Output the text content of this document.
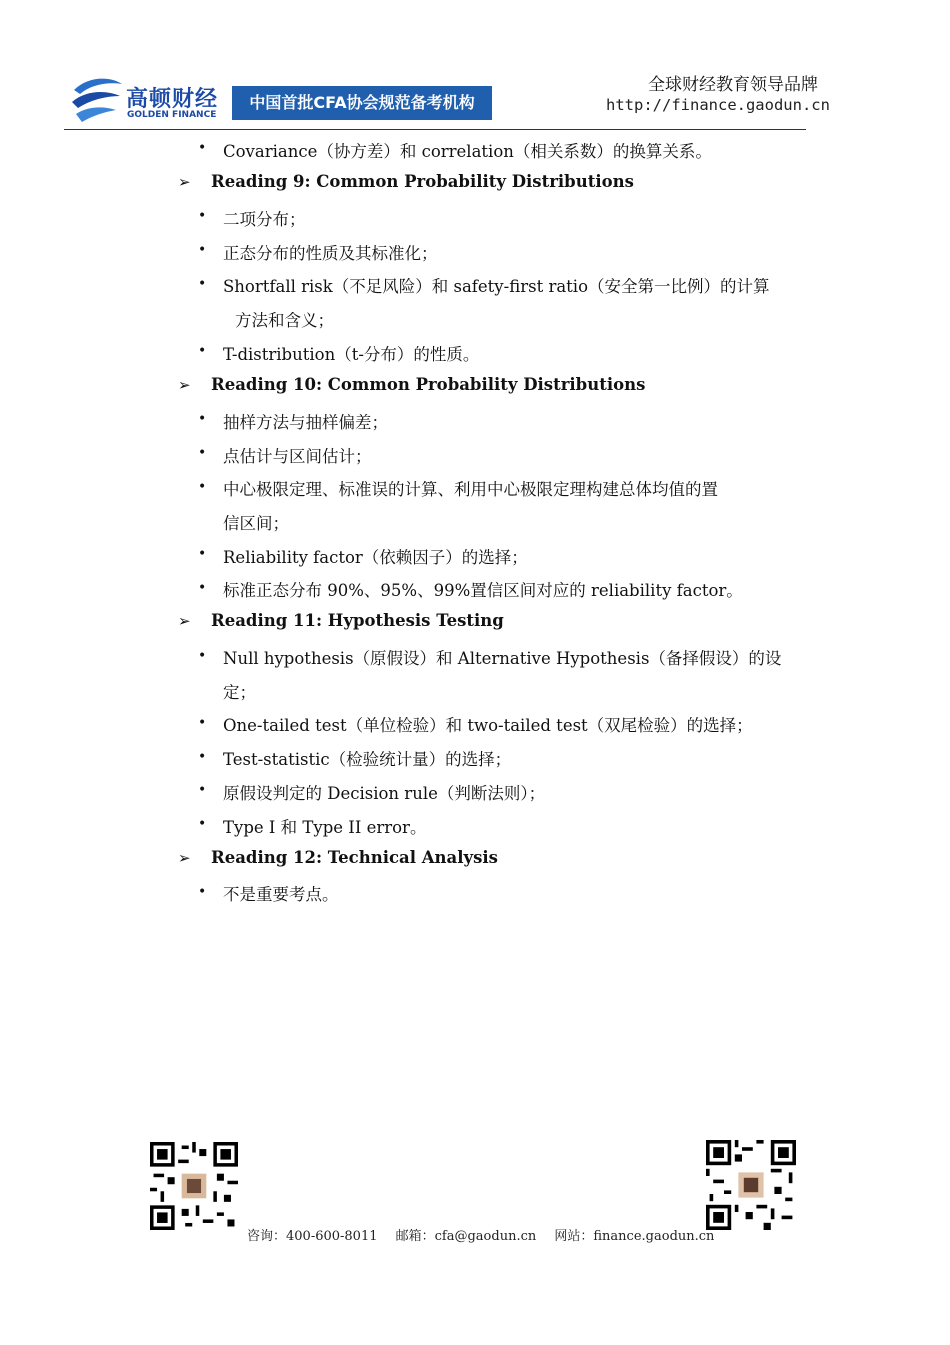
高顿财经
GOLDEN FINANCE
中国首批CFA协会规范备考机构
全球财经教育领导品牌
http://finance.gaodun.cn
• Covariance（协方差）和 correlation（相关系数）的换算关系。
➢ Reading 9: Common Probability Distributions
• 二项分布；
• 正态分布的性质及其标准化；
• Shortfall risk（不足风险）和 safety-first ratio（安全第一比例）的计算
方法和含义；
• T-distribution（t-分布）的性质。
➢ Reading 10: Common Probability Distributions
• 抽样方法与抽样偏差；
• 点估计与区间估计；
• 中心极限定理、标准误的计算、利用中心极限定理构建总体均值的置
信区间；
• Reliability factor（依赖因子）的选择；
• 标准正态分布 90%、95%、99%置信区间对应的 reliability factor。
➢ Reading 11: Hypothesis Testing
• Null hypothesis（原假设）和 Alternative Hypothesis（备择假设）的设
定；
• One-tailed test（单位检验）和 two-tailed test（双尾检验）的选择；
• Test-statistic（检验统计量）的选择；
• 原假设判定的 Decision rule（判断法则）；
• Type I 和 Type II error。
➢ Reading 12: Technical Analysis
• 不是重要考点。
咨询：400-600-8011 邮箱：cfa@gaodun.cn 网站：finance.gaodun.cn
